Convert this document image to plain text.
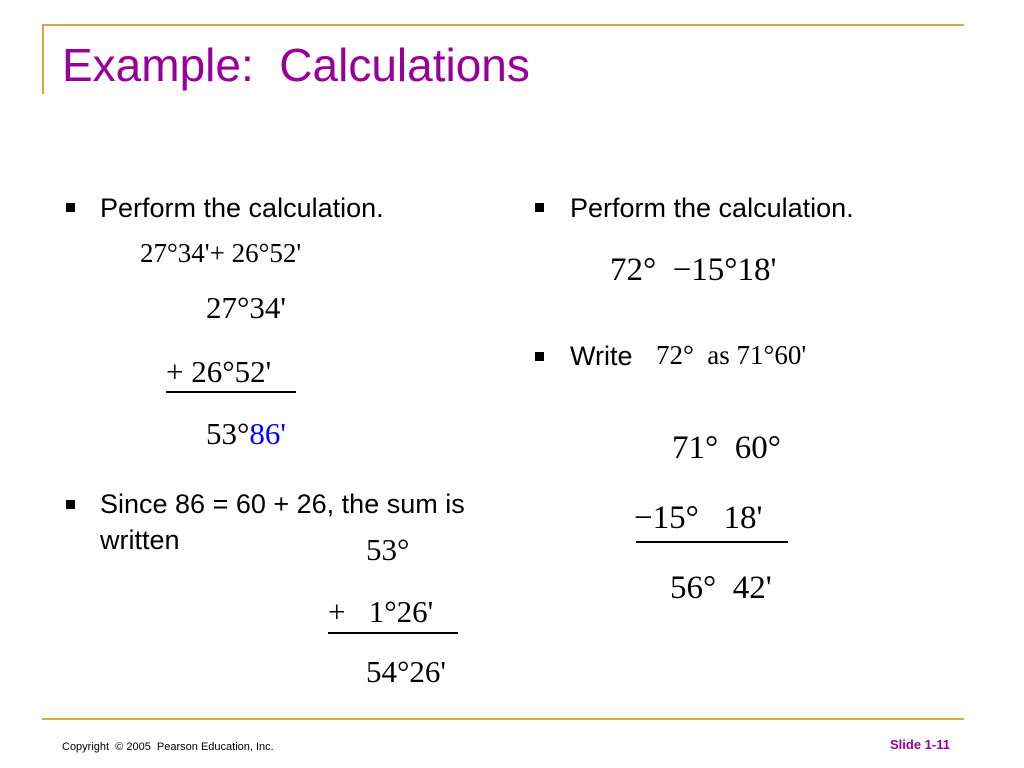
Example:  Calculations
Perform the calculation.
27°34'+ 26°52'
27°34'
+ 26°52'
53°86'
Since 86 = 60 + 26, the sum is written	53°
+   1°26'
54°26'
Perform the calculation.
72°  −15°18'
Write 72°  as 71°60'
71°  60°
−15°   18'
56°  42'
Copyright  © 2005  Pearson Education, Inc.	Slide 1-11
